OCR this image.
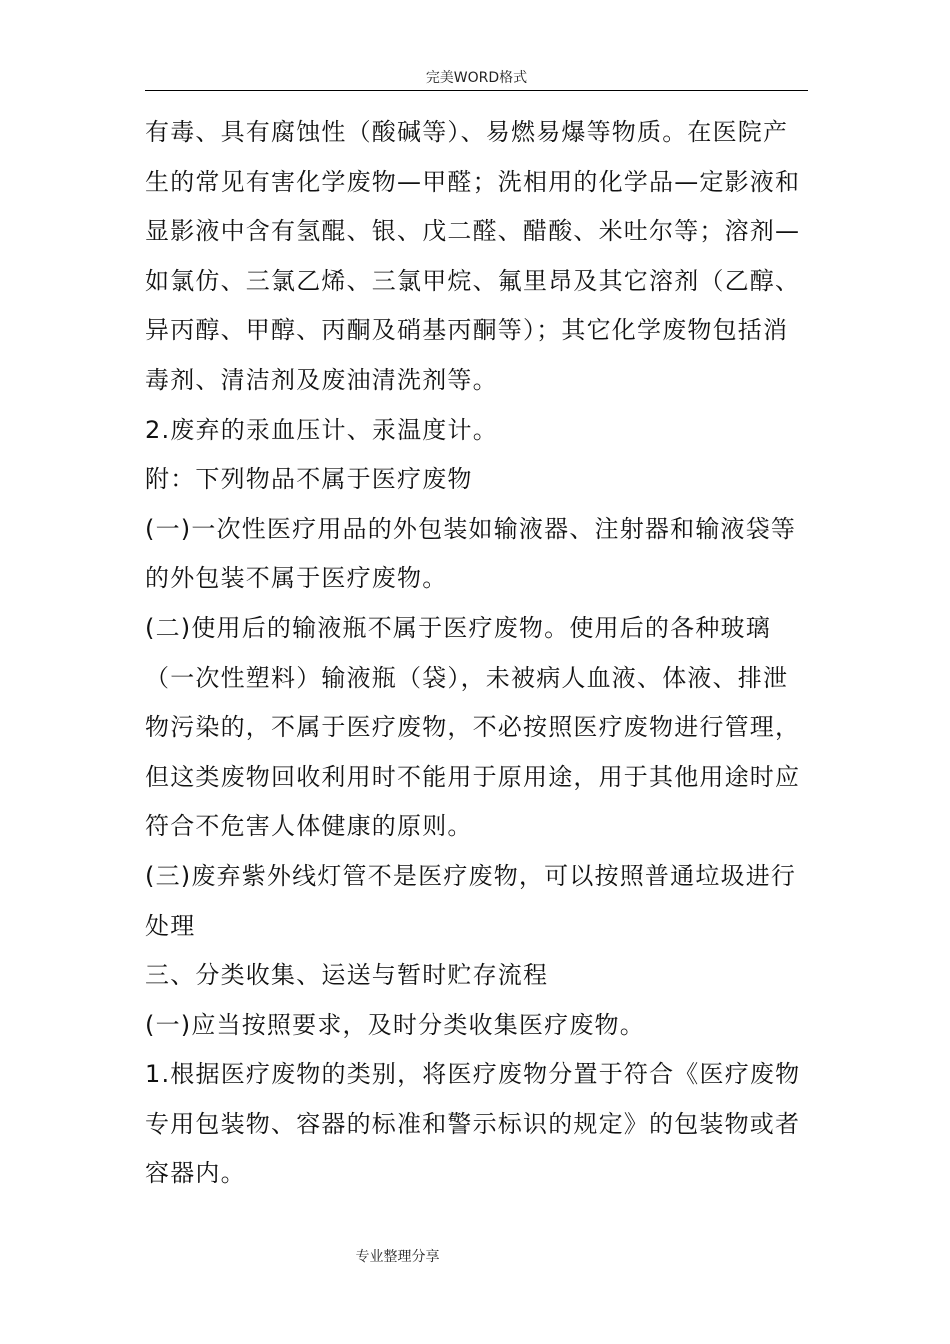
完美WORD格式
有毒、具有腐蚀性（酸碱等）、易燃易爆等物质。在医院产
生的常见有害化学废物—甲醛；洗相用的化学品—定影液和
显影液中含有氢醌、银、戊二醛、醋酸、米吐尔等；溶剂—
如氯仿、三氯乙烯、三氯甲烷、氟里昂及其它溶剂（乙醇、
异丙醇、甲醇、丙酮及硝基丙酮等）；其它化学废物包括消
毒剂、清洁剂及废油清洗剂等。
2.废弃的汞血压计、汞温度计。
附：下列物品不属于医疗废物
(一)一次性医疗用品的外包装如输液器、注射器和输液袋等
的外包装不属于医疗废物。
(二)使用后的输液瓶不属于医疗废物。使用后的各种玻璃
（一次性塑料）输液瓶（袋），未被病人血液、体液、排泄
物污染的，不属于医疗废物，不必按照医疗废物进行管理，
但这类废物回收利用时不能用于原用途，用于其他用途时应
符合不危害人体健康的原则。
(三)废弃紫外线灯管不是医疗废物，可以按照普通垃圾进行
处理
三、分类收集、运送与暂时贮存流程
(一)应当按照要求，及时分类收集医疗废物。
1.根据医疗废物的类别，将医疗废物分置于符合《医疗废物
专用包装物、容器的标准和警示标识的规定》的包装物或者
容器内。
专业整理分享
